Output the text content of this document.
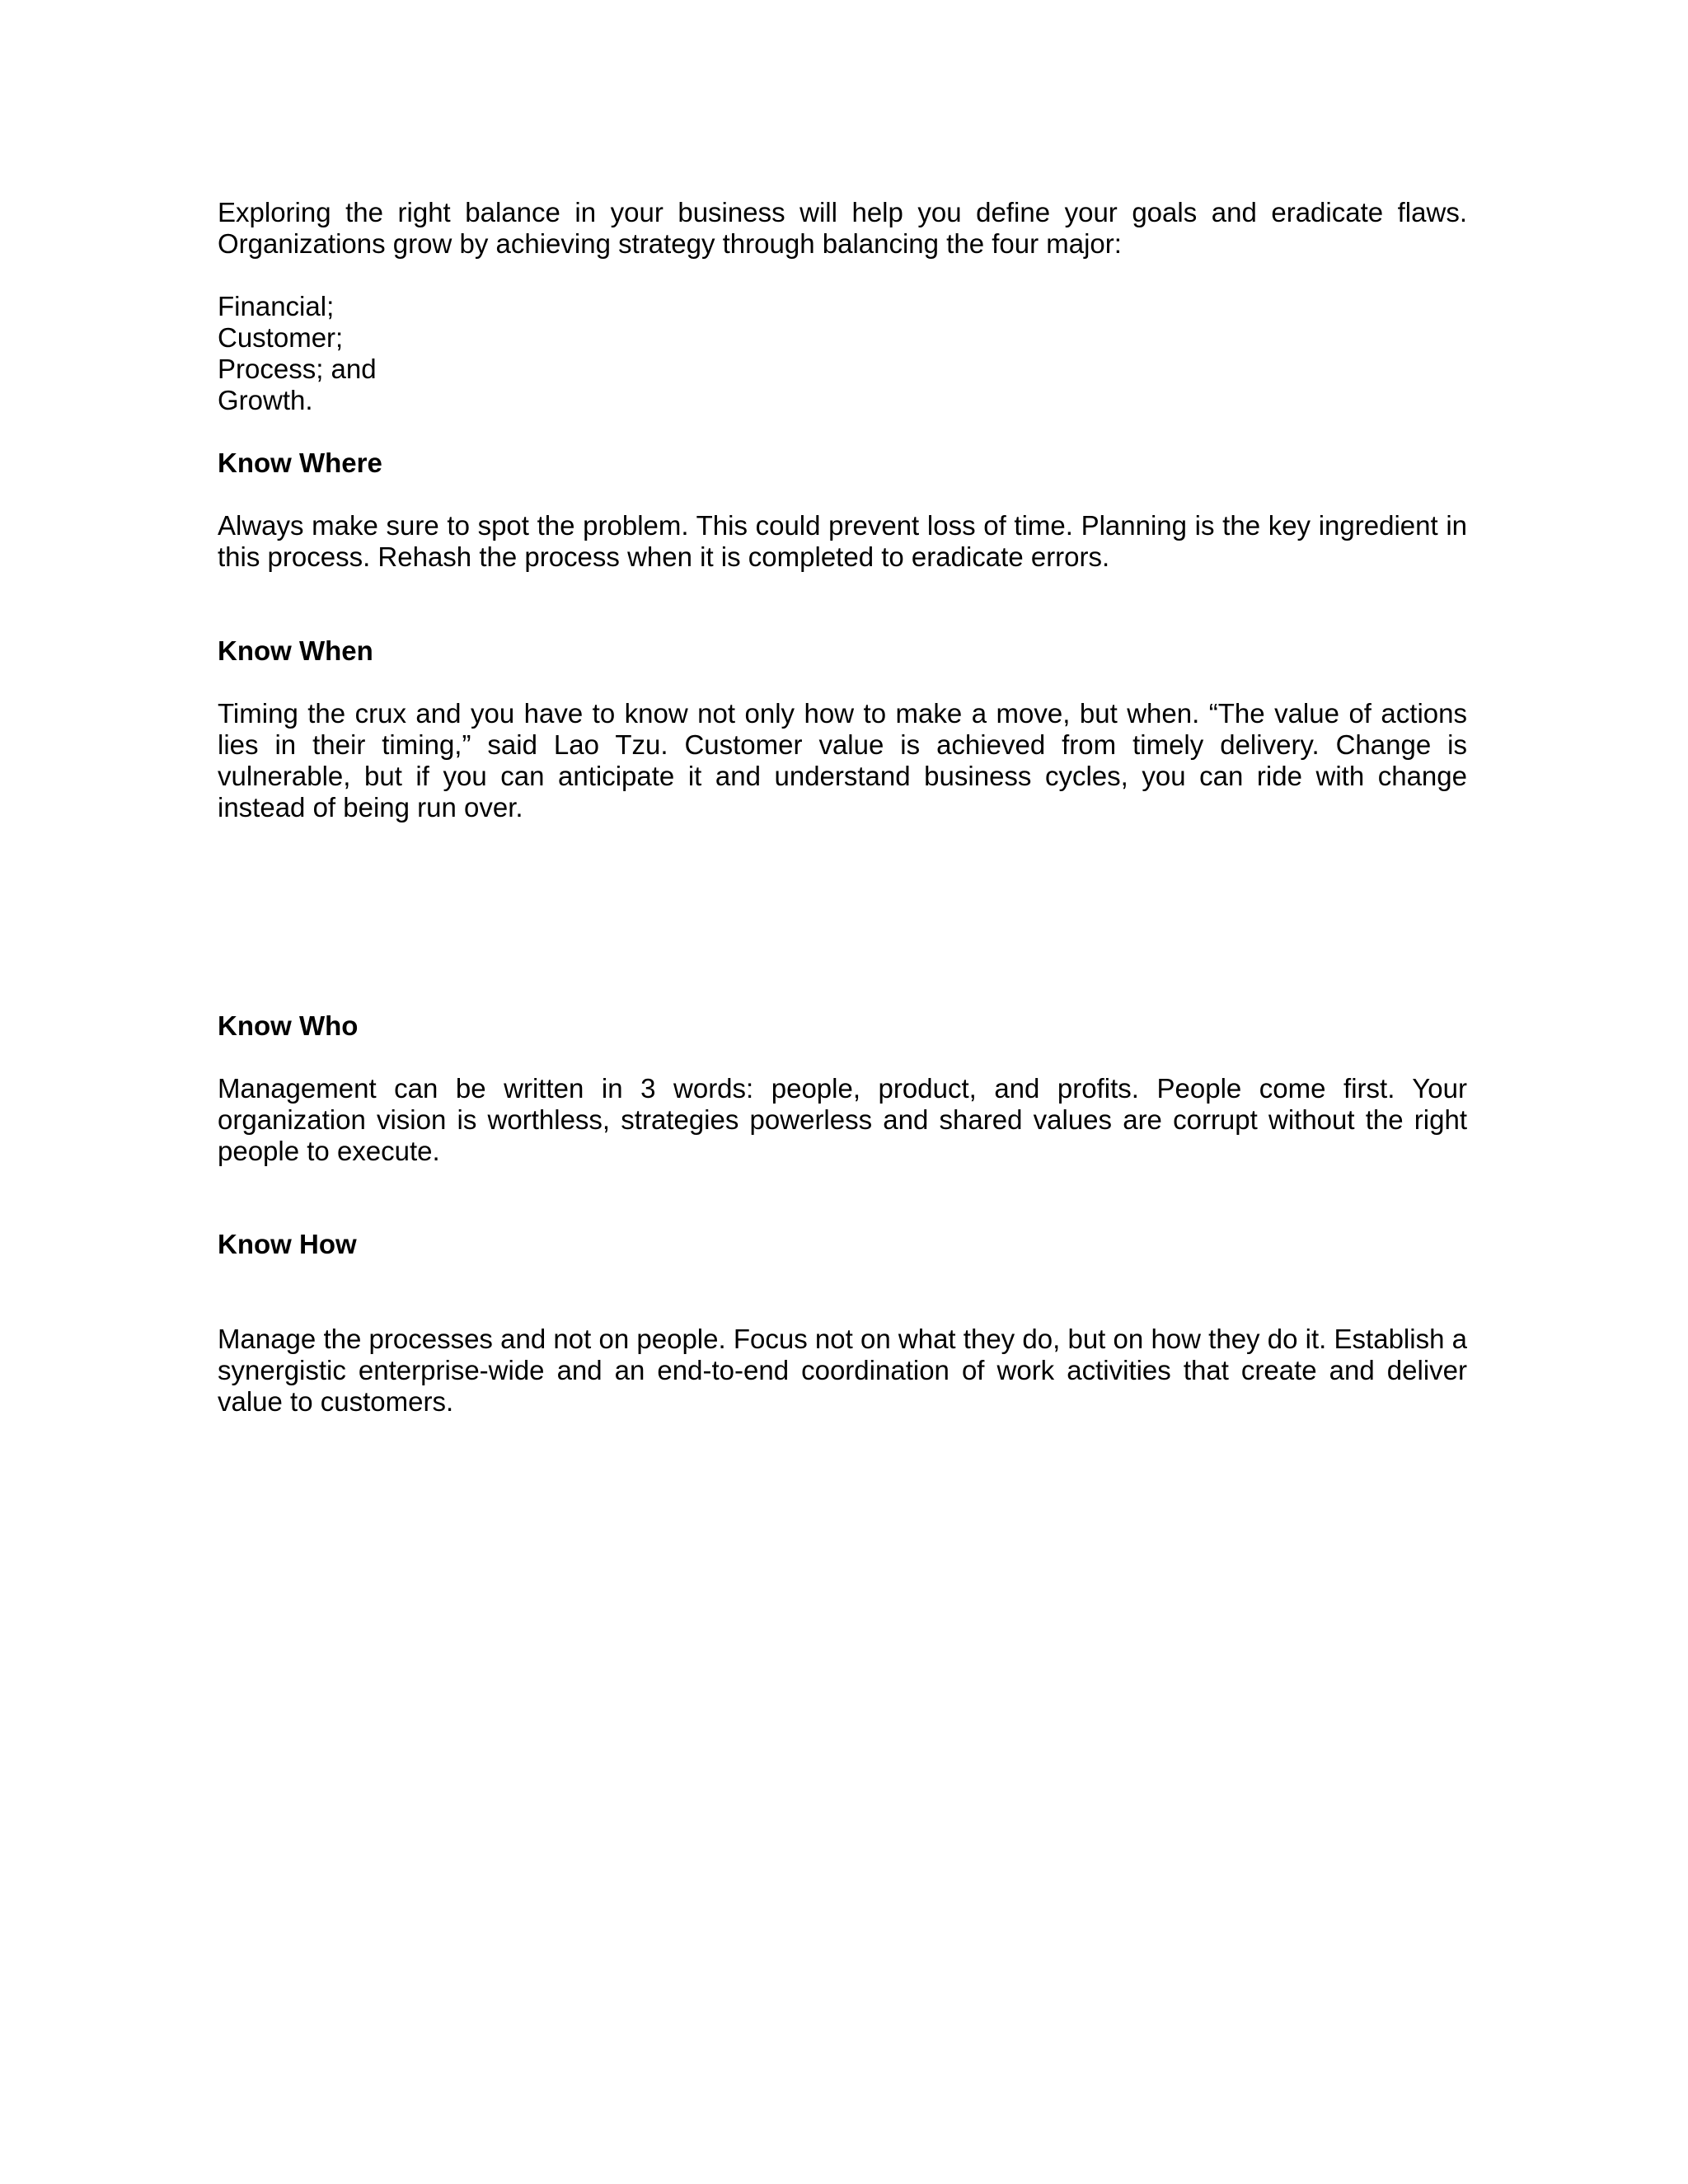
Exploring the right balance in your business will help you define your goals and eradicate flaws.
Organizations grow by achieving strategy through balancing the four major:
Financial;
Customer;
Process; and
Growth.
Know Where
Always make sure to spot the problem. This could prevent loss of time. Planning is the key ingredient in
this process. Rehash the process when it is completed to eradicate errors.
Know When
Timing the crux and you have to know not only how to make a move, but when. “The value of actions
lies in their timing,” said Lao Tzu. Customer value is achieved from timely delivery. Change is
vulnerable, but if you can anticipate it and understand business cycles, you can ride with change
instead of being run over.
Know Who
Management can be written in 3 words: people, product, and profits. People come first. Your
organization vision is worthless, strategies powerless and shared values are corrupt without the right
people to execute.
Know How
Manage the processes and not on people. Focus not on what they do, but on how they do it. Establish a
synergistic enterprise-wide and an end-to-end coordination of work activities that create and deliver
value to customers.
